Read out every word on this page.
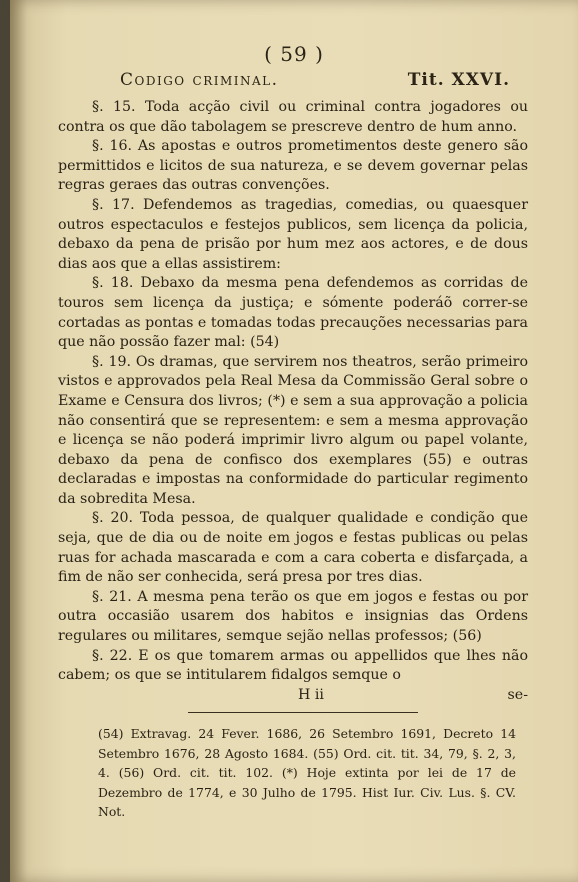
( 59 )
Codigo criminal.	Tit. XXVI.

§. 15. Toda acção civil ou criminal contra jogadores ou contra os que dão tabolagem se prescreve dentro de hum anno.

§. 16. As apostas e outros prometimentos deste genero são permittidos e licitos de sua natureza, e se devem governar pelas regras geraes das outras convenções.

§. 17. Defendemos as tragedias, comedias, ou quaesquer outros espectaculos e festejos publicos, sem licença da policia, debaxo da pena de prisão por hum mez aos actores, e de dous dias aos que a ellas assistirem:

§. 18. Debaxo da mesma pena defendemos as corridas de touros sem licença da justiça; e sómente poderáõ correr-se cortadas as pontas e tomadas todas precauções necessarias para que não possão fazer mal: (54)

§. 19. Os dramas, que servirem nos theatros, serão primeiro vistos e approvados pela Real Mesa da Commissão Geral sobre o Exame e Censura dos livros; (*) e sem a sua approvação a policia não consentirá que se representem: e sem a mesma approvação e licença se não poderá imprimir livro algum ou papel volante, debaxo da pena de confisco dos exemplares (55) e outras declaradas e impostas na conformidade do particular regimento da sobredita Mesa.

§. 20. Toda pessoa, de qualquer qualidade e condição que seja, que de dia ou de noite em jogos e festas publicas ou pelas ruas for achada mascarada e com a cara coberta e disfarçada, a fim de não ser conhecida, será presa por tres dias.

§. 21. A mesma pena terão os que em jogos e festas ou por outra occasião usarem dos habitos e insignias das Ordens regulares ou militares, semque sejão nellas professos; (56)

§. 22. E os que tomarem armas ou appellidos que lhes não cabem; os que se intitularem fidalgos semque o

H ii	se-
(54) Extravag. 24 Fever. 1686, 26 Setembro 1691, Decreto 14 Setembro 1676, 28 Agosto 1684. (55) Ord. cit. tit. 34, 79, §. 2, 3, 4. (56) Ord. cit. tit. 102. (*) Hoje extinta por lei de 17 de Dezembro de 1774, e 30 Julho de 1795. Hist Iur. Civ. Lus. §. CV. Not.
